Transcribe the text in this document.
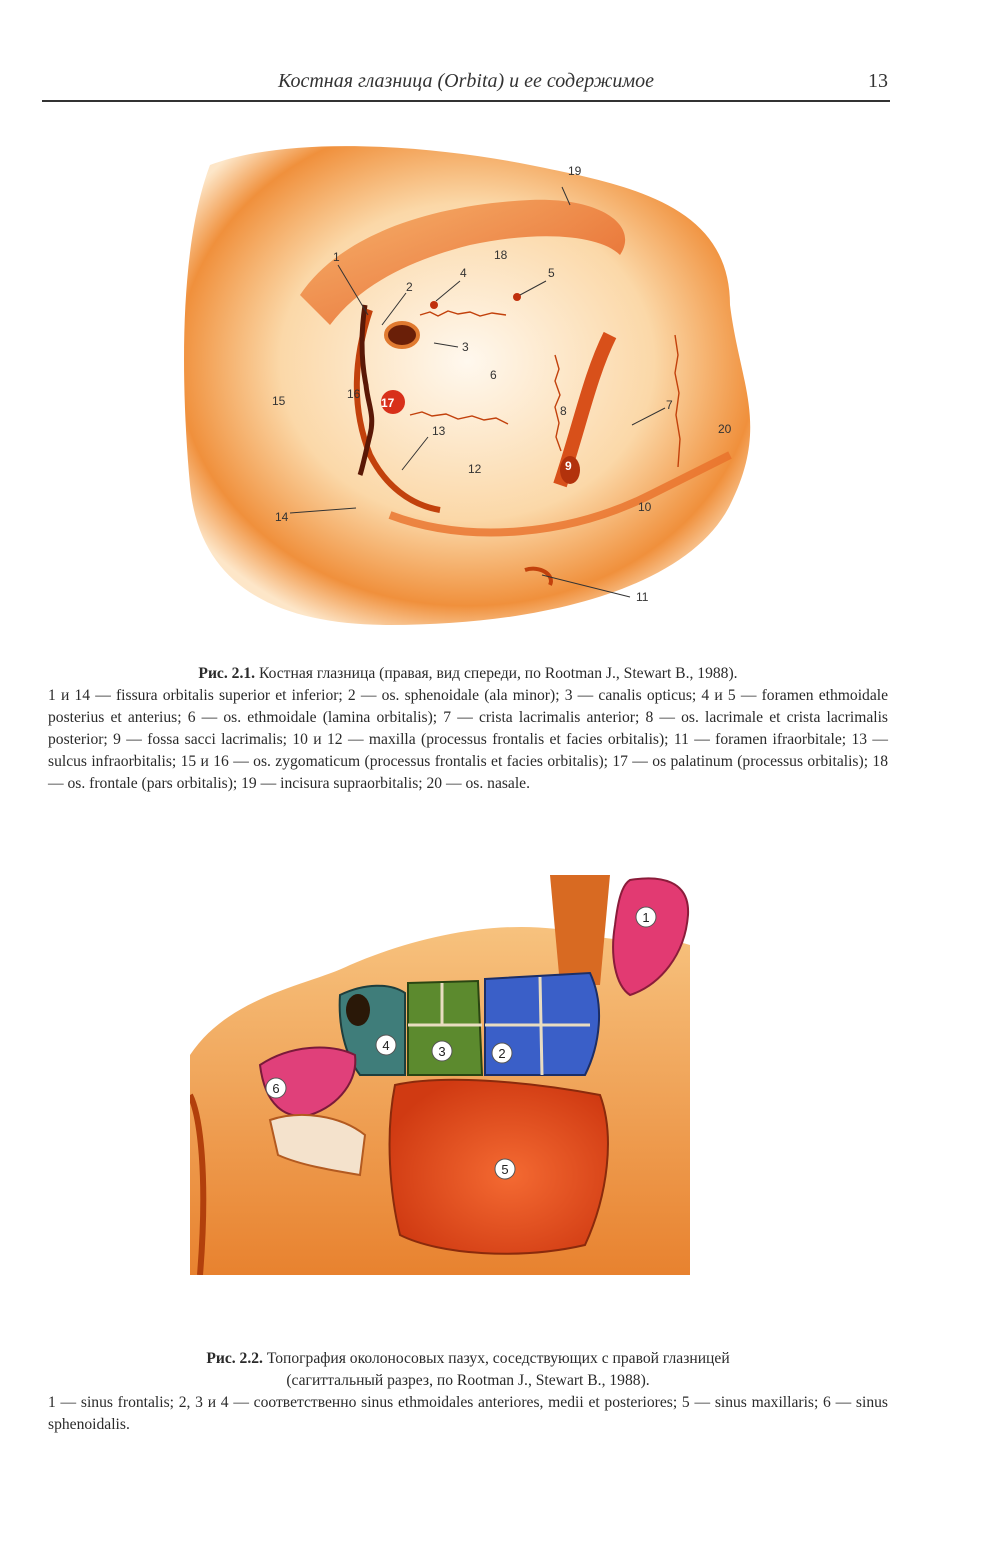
Костная глазница (Orbita) и ее содержимое	13
1
2
3
4	5
6
7
8
9
10
11
12
13
14
15	16
17
18
19
20
Рис. 2.1. Костная глазница (правая, вид спереди, по Rootman J., Stewart B., 1988).
1 и 14 — fissura orbitalis superior et inferior; 2 — os. sphenoidale (ala minor); 3 — canalis opticus; 4 и 5 — foramen ethmoidale posterius et anterius; 6 — os. ethmoidale (lamina orbitalis); 7 — crista lacrimalis anterior; 8 — os. lacrimale et crista lacrimalis posterior; 9 — fossa sacci lacrimalis; 10 и 12 — maxilla (processus frontalis et facies orbitalis); 11 — foramen ifraorbitale; 13 — sulcus infraorbitalis; 15 и 16 — os. zygomaticum (processus frontalis et facies orbitalis); 17 — os palatinum (processus orbitalis); 18 — os. frontale (pars orbitalis); 19 — incisura supraorbitalis; 20 — os. nasale.
1
2
3
4
5
6
Рис. 2.2. Топография околоносовых пазух, соседствующих с правой глазницей
(сагиттальный разрез, по Rootman J., Stewart B., 1988).
1 — sinus frontalis; 2, 3 и 4 — соответственно sinus ethmoidales anteriores, medii et posteriores; 5 — sinus maxillaris; 6 — sinus sphenoidalis.
